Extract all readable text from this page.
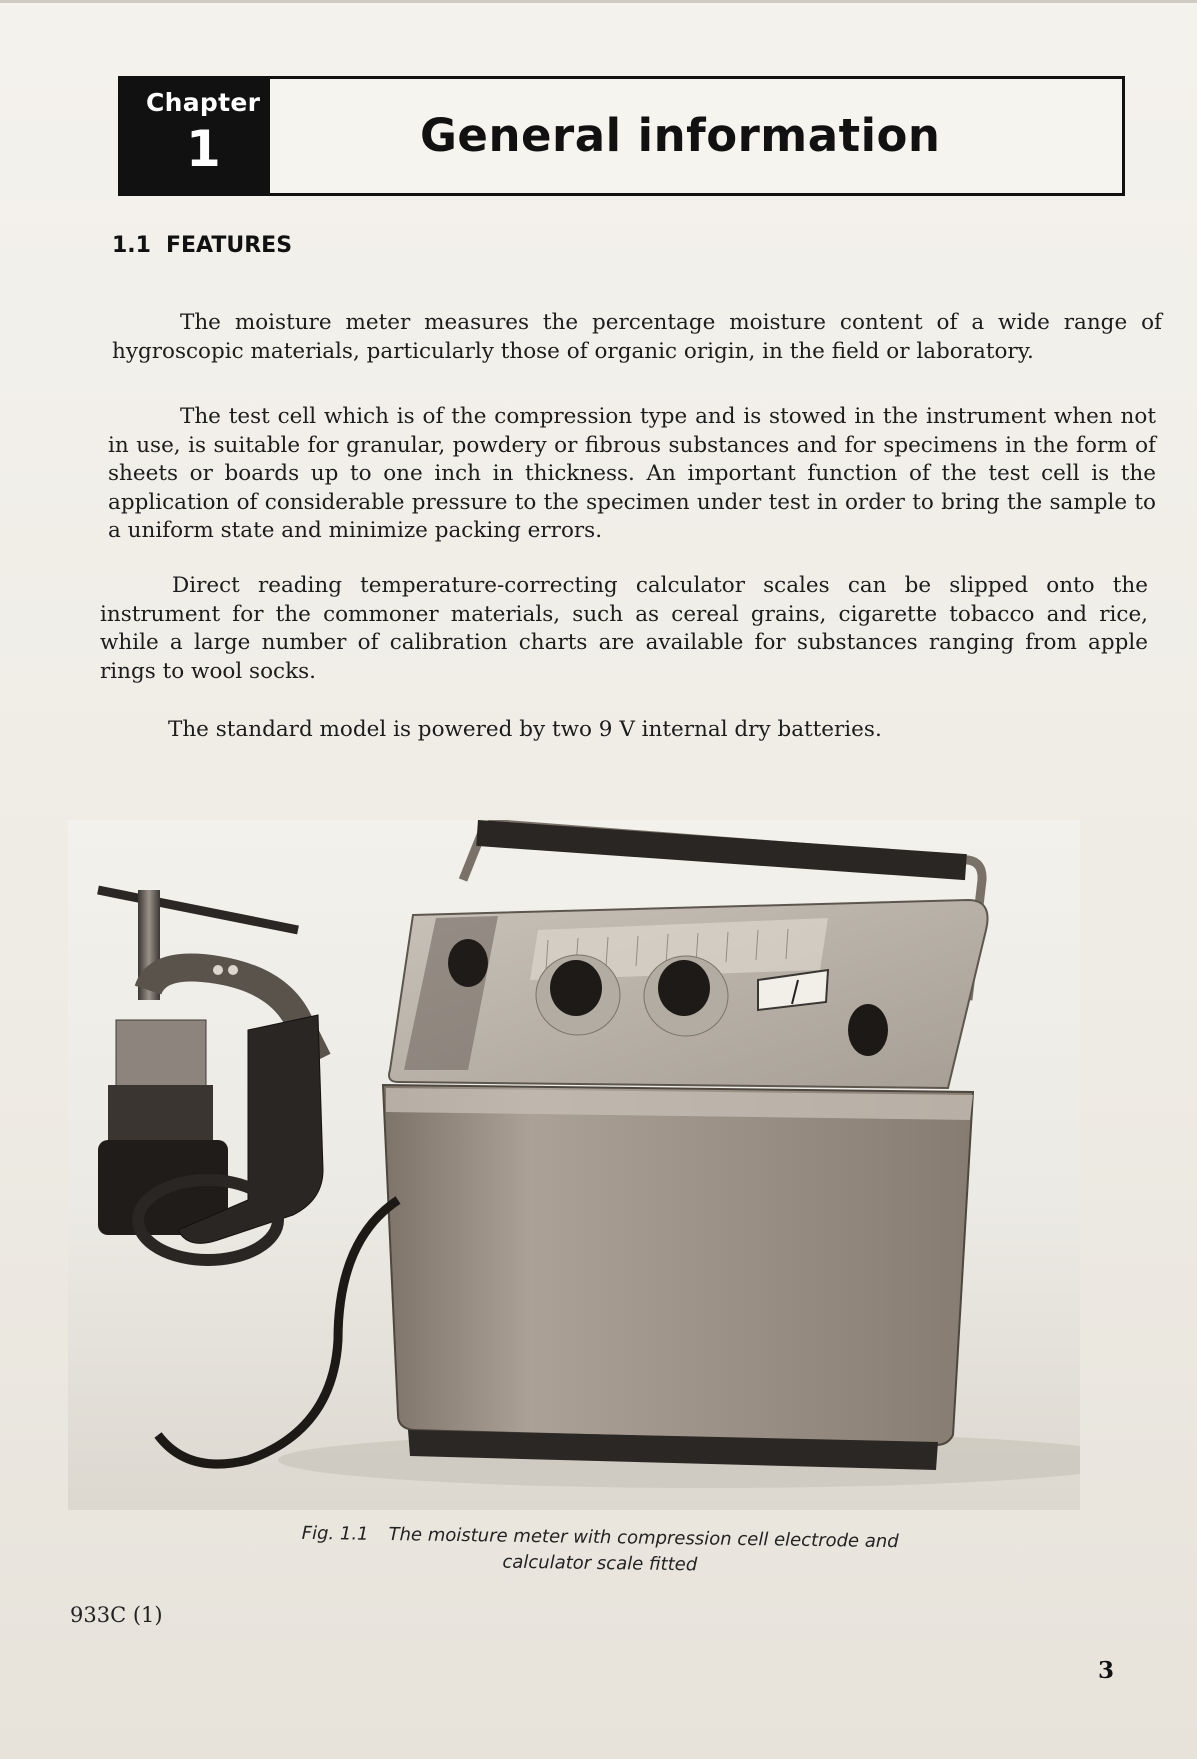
Chapter
1	General information
1.1 FEATURES

The moisture meter measures the percentage moisture content of a wide range of hygroscopic materials, particularly those of organic origin, in the field or laboratory.

The test cell which is of the compression type and is stowed in the instrument when not in use, is suitable for granular, powdery or fibrous substances and for specimens in the form of sheets or boards up to one inch in thickness. An important function of the test cell is the application of considerable pressure to the specimen under test in order to bring the sample to a uniform state and minimize packing errors.

Direct reading temperature-correcting calculator scales can be slipped onto the instrument for the commoner materials, such as cereal grains, cigarette tobacco and rice, while a large number of calibration charts are available for substances ranging from apple rings to wool socks.

The standard model is powered by two 9 V internal dry batteries.

Fig. 1.1 The moisture meter with compression cell electrode and
calculator scale fitted
933C (1)
3
